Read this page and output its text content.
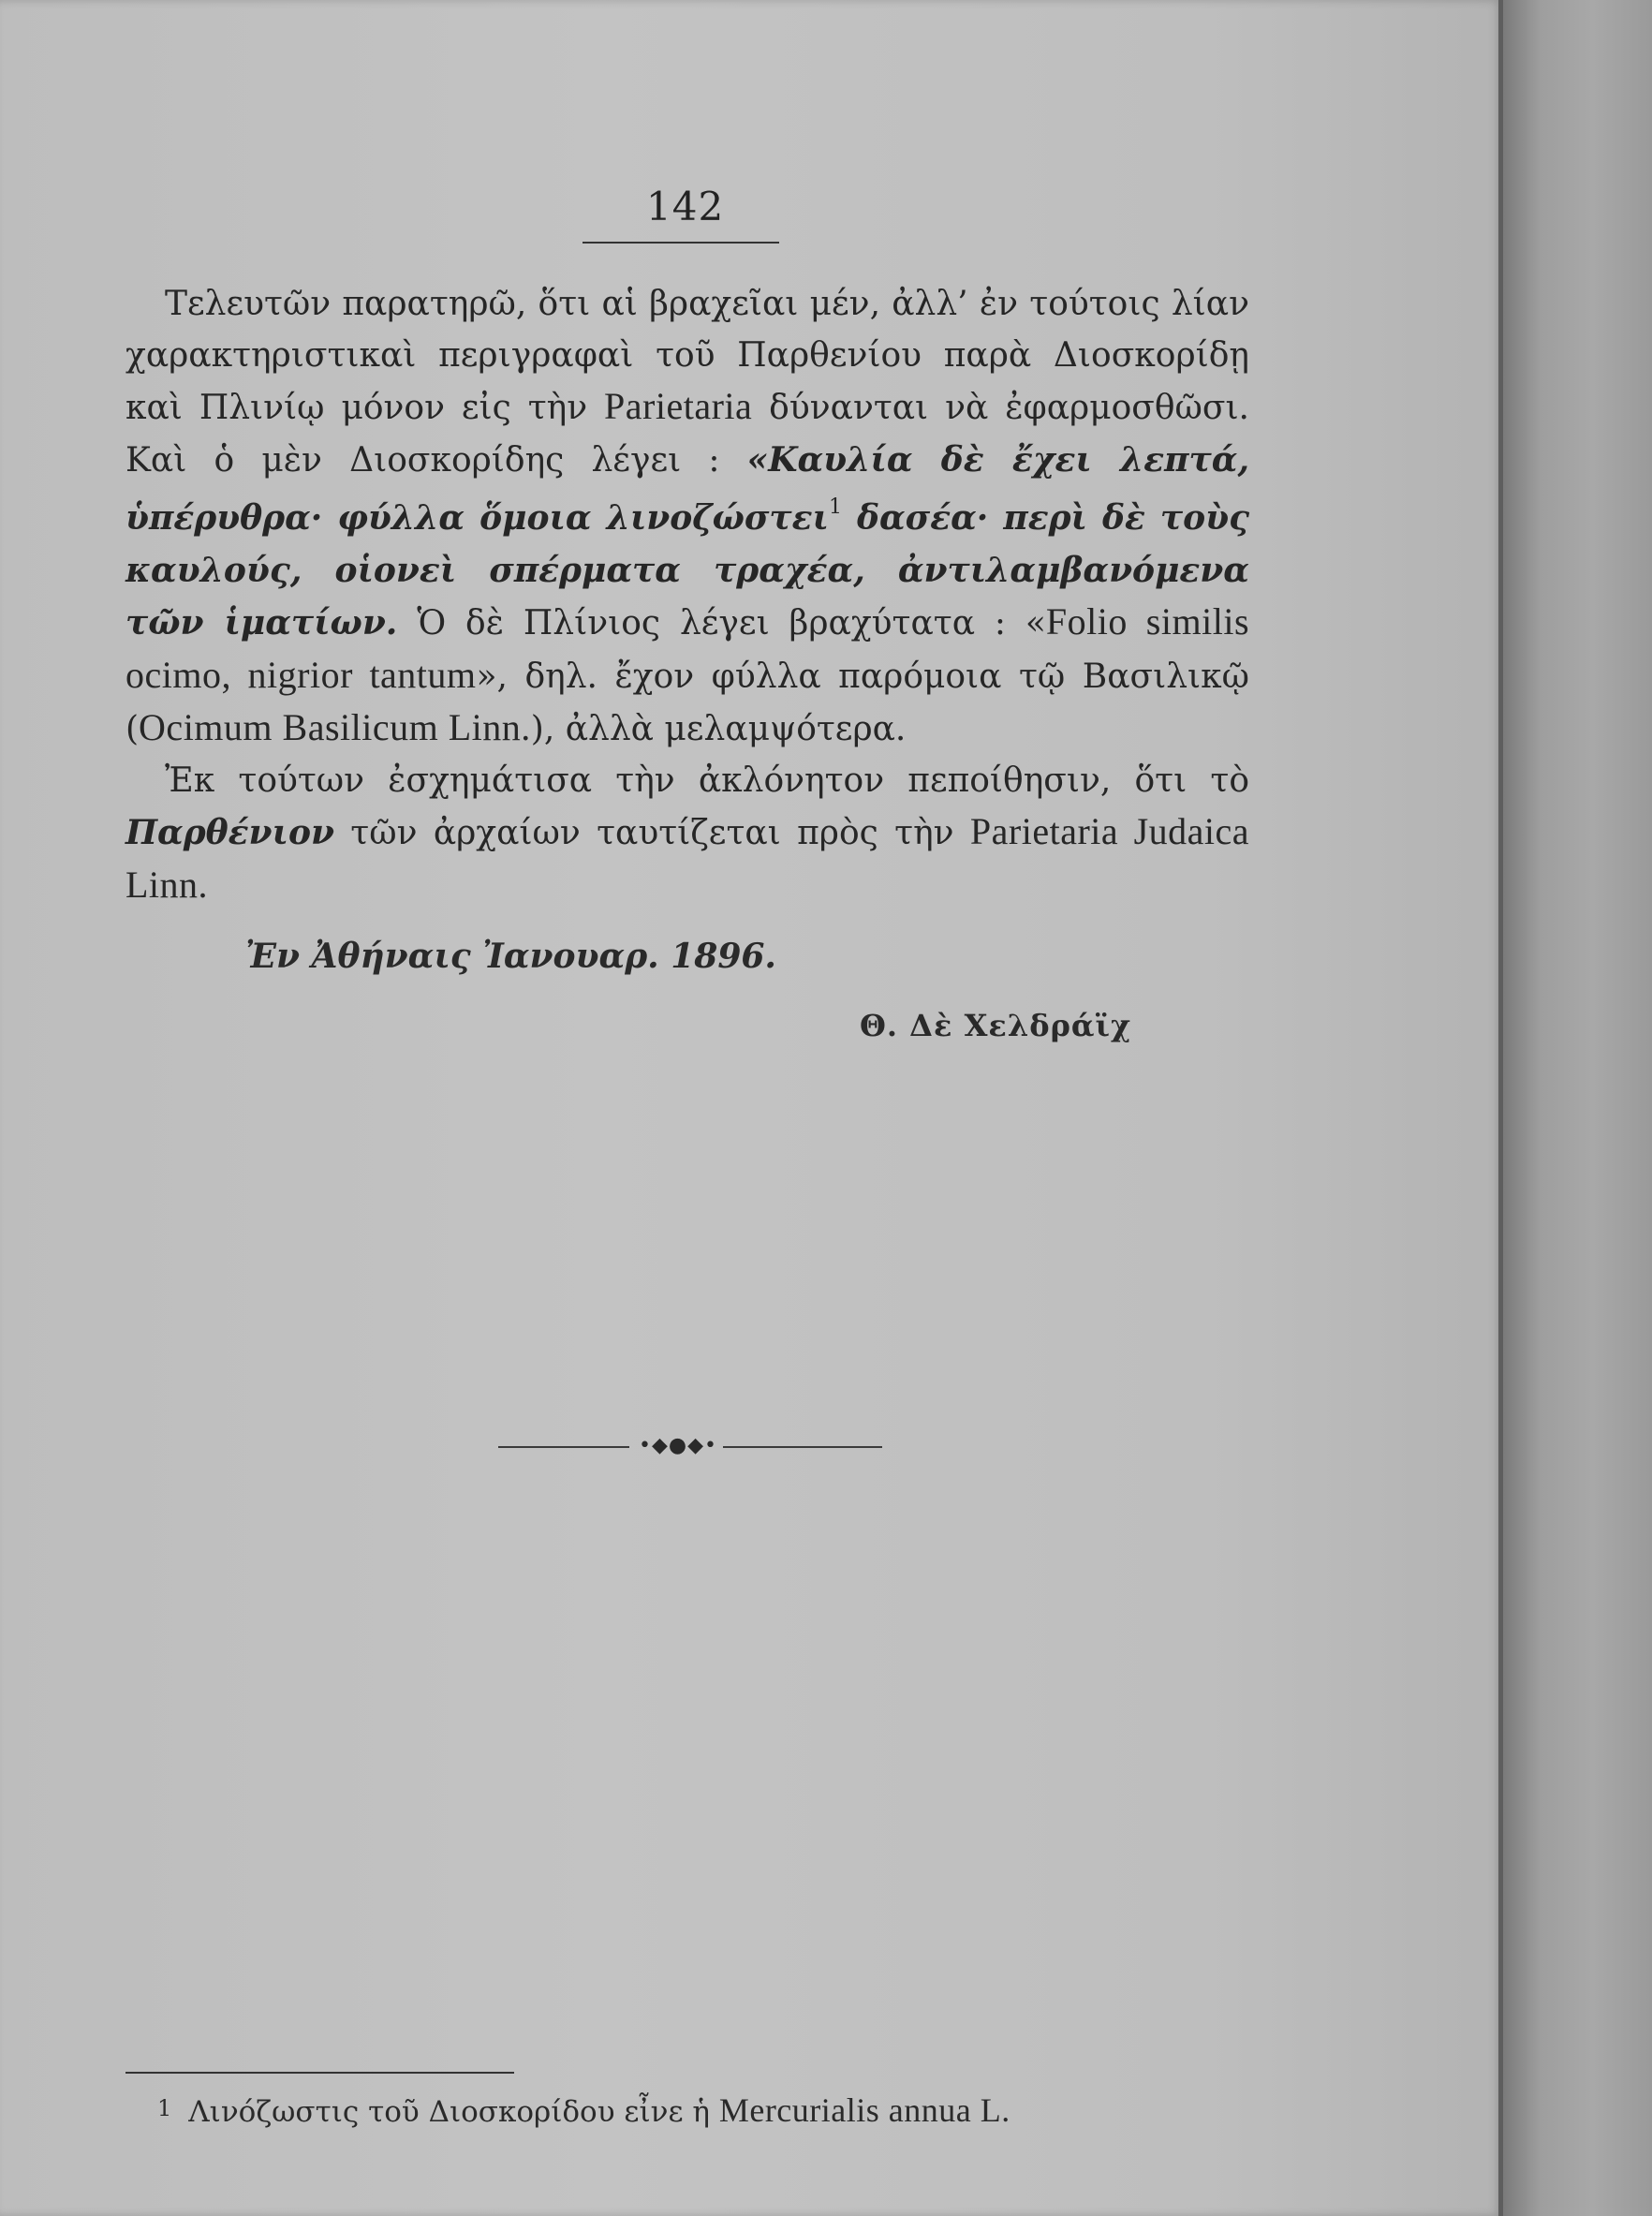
142

Τελευτῶν παρατηρῶ, ὅτι αἱ βραχεῖαι μέν, ἀλλ’ ἐν τούτοις λίαν χαρακτηριστικαὶ περιγραφαὶ τοῦ Παρθενίου παρὰ Διοσκορίδῃ καὶ Πλινίῳ μόνον εἰς τὴν Parietaria δύνανται νὰ ἐφαρμοσθῶσι. Καὶ ὁ μὲν Διοσκορίδης λέγει : «Καυλία δὲ ἔχει λεπτά, ὑπέρυθρα· φύλλα ὅμοια λινοζώστει$^1$ δασέα· περὶ δὲ τοὺς καυλούς, οἱονεὶ σπέρματα τραχέα, ἀντιλαμβανόμενα τῶν ἱματίων. Ὁ δὲ Πλίνιος λέγει βραχύτατα : «Folio similis ocimo, nigrior tantum», δηλ. ἔχον φύλλα παρόμοια τῷ Βασιλικῷ (Ocimum Basilicum Linn.), ἀλλὰ μελαμψότερα.

Ἐκ τούτων ἐσχημάτισα τὴν ἀκλόνητον πεποίθησιν, ὅτι τὸ Παρθένιον τῶν ἀρχαίων ταυτίζεται πρὸς τὴν Parietaria Judaica Linn.

Ἐν Ἀθήναις Ἰανουαρ. 1896.
Θ. Δὲ Χελδράϊχ
•◆●◆•
1 Λινόζωστις τοῦ Διοσκορίδου εἶνε ἡ Mercurialis annua L.
